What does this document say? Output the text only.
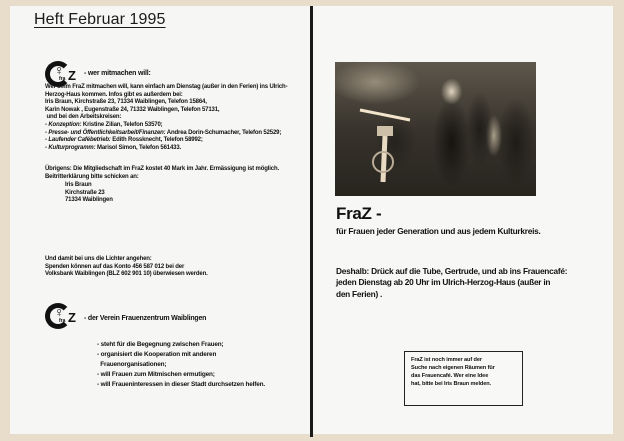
Heft Februar 1995
♀
fra Z - wer mitmachen will:
Wer beim FraZ mitmachen will, kann einfach am Dienstag (außer in den Ferien) ins Ulrich-
Herzog-Haus kommen. Infos gibt es außerdem bei:
Iris Braun, Kirchstraße 23, 71334 Waiblingen, Telefon 15864,
Karin Nowak , Eugenstraße 24, 71332 Waiblingen, Telefon 57131,
und bei den Arbeitskreisen:
- Konzeption: Kristine Zilian, Telefon 53570;
- Presse- und Öffentlichkeitsarbeit/Finanzen: Andrea Dorin-Schumacher, Telefon 52529;
- Laufender Cafébetrieb: Edith Rossknecht, Telefon 58992;
- Kulturprogramm: Marisol Simon, Telefon 561433.
Übrigens: Die Mitgliedschaft im FraZ kostet 40 Mark im Jahr. Ermässigung ist möglich.
Beitritterklärung bitte schicken an:
Iris Braun
Kirchstraße 23
71334 Waiblingen
Und damit bei uns die Lichter angehen:
Spenden können auf das Konto 456 587 012 bei der
Volksbank Waiblingen (BLZ 602 901 10) überwiesen werden.
♀
fra Z - der Verein Frauenzentrum Waiblingen
- steht für die Begegnung zwischen Frauen;
- organisiert die Kooperation mit anderen
Frauenorganisationen;
- will Frauen zum Mitmischen ermutigen;
- will Fraueninteressen in dieser Stadt durchsetzen helfen.
FraZ -
für Frauen jeder Generation und aus jedem Kulturkreis.
Deshalb: Drück auf die Tube, Gertrude, und ab ins Frauencafé:
jeden Dienstag ab 20 Uhr im Ulrich-Herzog-Haus (außer in
den Ferien) .
FraZ ist noch immer auf der
Suche nach eigenen Räumen für
das Frauencafé. Wer eine Idee
hat, bitte bei Iris Braun melden.
